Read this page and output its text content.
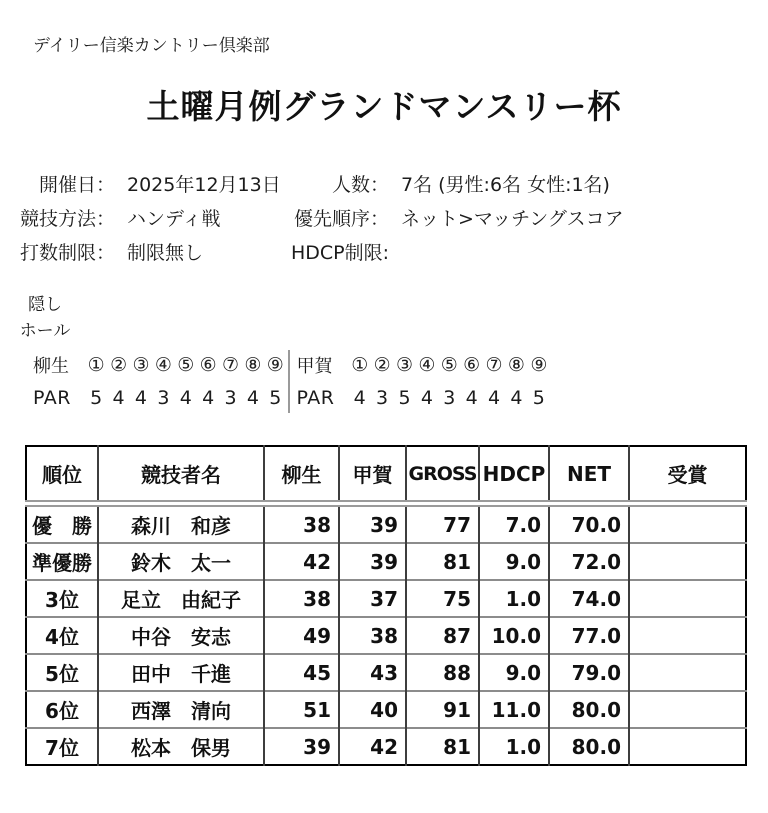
デイリー信楽カントリー倶楽部
土曜月例グランドマンスリー杯
開催日： 2025年12月13日	人数： 7名 (男性:6名 女性:1名)
競技方法： ハンディ戦	優先順序： ネット>マッチングスコア
打数制限： 制限無し	HDCP制限:
隠し
ホール
柳生 ① ② ③ ④ ⑤ ⑥ ⑦ ⑧ ⑨
PAR	5 4 4 3 4 4 3 4 5
甲賀 ① ② ③ ④ ⑤ ⑥ ⑦ ⑧ ⑨
PAR	4 3 5 4 3 4 4 4 5
順位	競技者名	柳生	甲賀	GROSS	HDCP	NET	受賞
優　勝	森川　和彦	38	39	77	7.0	70.0	
準優勝	鈴木　太一	42	39	81	9.0	72.0	
3位	足立　由紀子	38	37	75	1.0	74.0	
4位	中谷　安志	49	38	87	10.0	77.0	
5位	田中　千進	45	43	88	9.0	79.0	
6位	西澤　清向	51	40	91	11.0	80.0	
7位	松本　保男	39	42	81	1.0	80.0	
